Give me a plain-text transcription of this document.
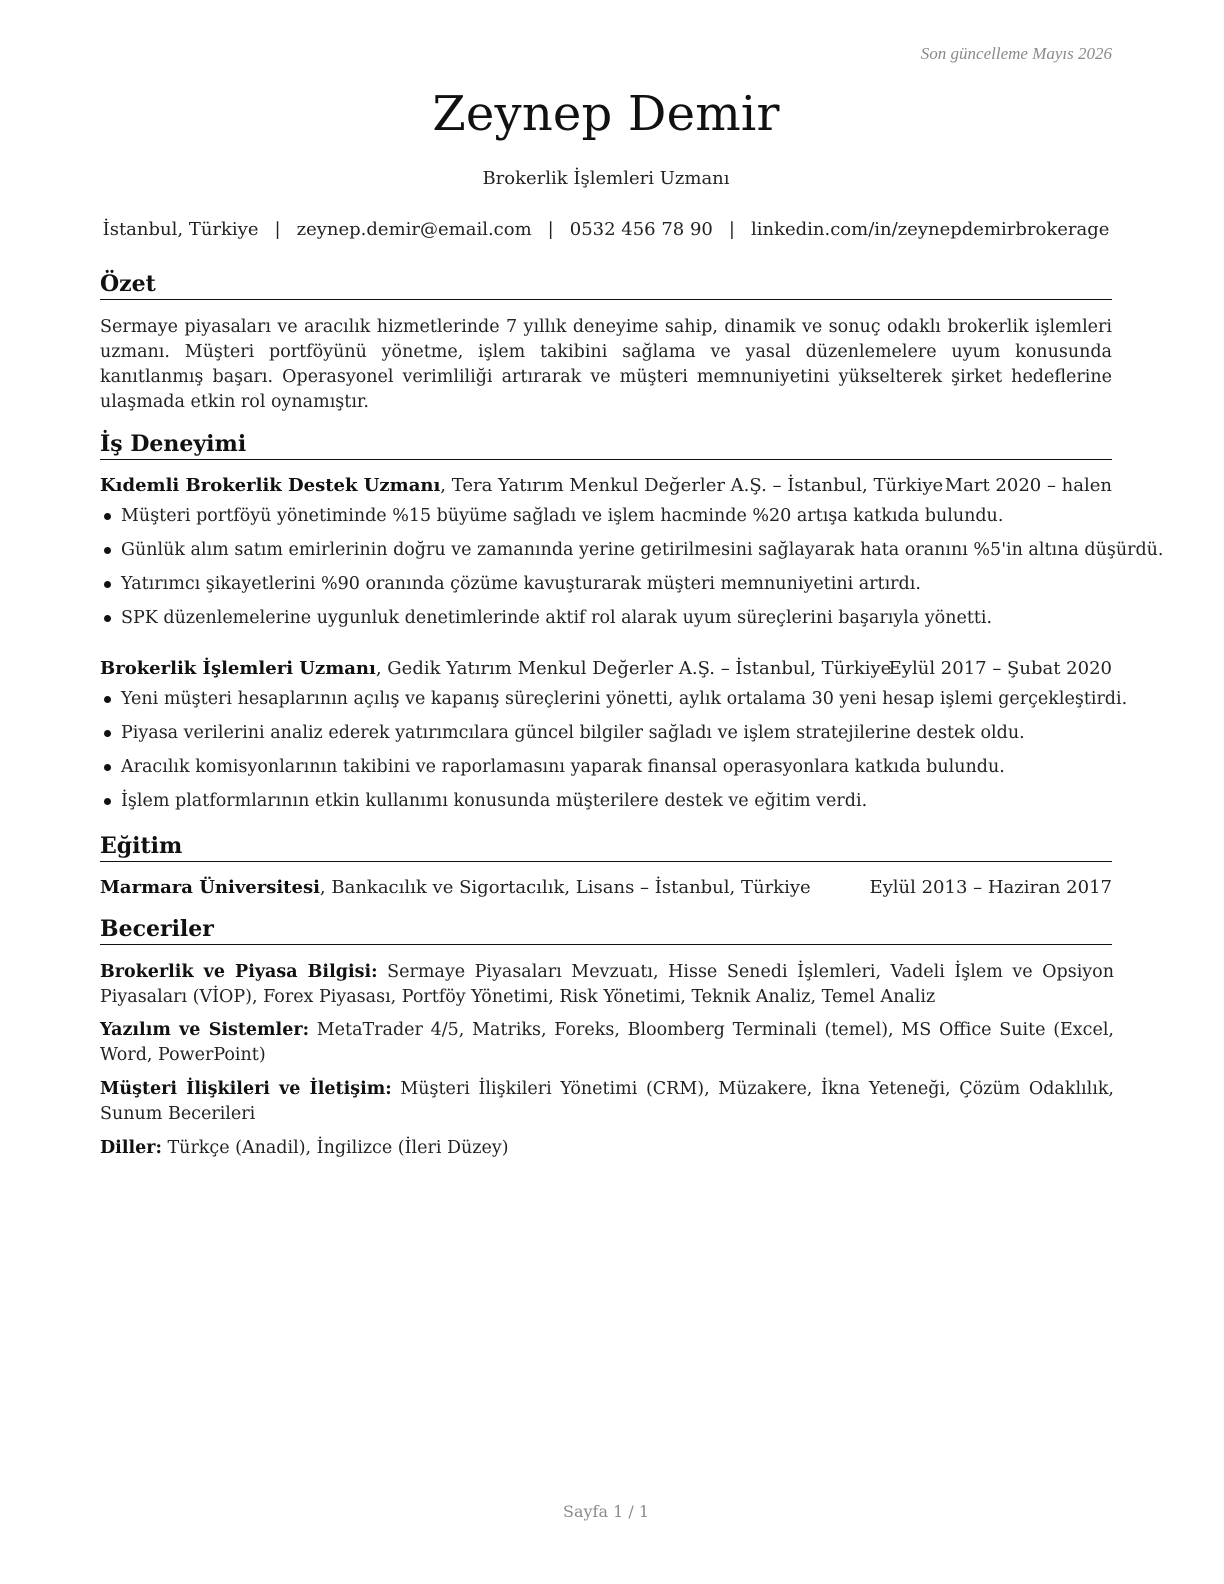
Son güncelleme Mayıs 2026
Zeynep Demir
Brokerlik İşlemleri Uzmanı
İstanbul, Türkiye | zeynep.demir@email.com | 0532 456 78 90 | linkedin.com/in/zeynepdemirbrokerage
Özet
Sermaye piyasaları ve aracılık hizmetlerinde 7 yıllık deneyime sahip, dinamik ve sonuç odaklı brokerlik işlemleri uzmanı. Müşteri portföyünü yönetme, işlem takibini sağlama ve yasal düzenlemelere uyum konusunda kanıtlanmış başarı. Operasyonel verimliliği artırarak ve müşteri memnuniyetini yükselterek şirket hedeflerine ulaşmada etkin rol oynamıştır.
İş Deneyimi
Kıdemli Brokerlik Destek Uzmanı, Tera Yatırım Menkul Değerler A.Ş. – İstanbul, Türkiye Mart 2020 – halen
Müşteri portföyü yönetiminde %15 büyüme sağladı ve işlem hacminde %20 artışa katkıda bulundu.
Günlük alım satım emirlerinin doğru ve zamanında yerine getirilmesini sağlayarak hata oranını %5'in altına düşürdü.
Yatırımcı şikayetlerini %90 oranında çözüme kavuşturarak müşteri memnuniyetini artırdı.
SPK düzenlemelerine uygunluk denetimlerinde aktif rol alarak uyum süreçlerini başarıyla yönetti.
Brokerlik İşlemleri Uzmanı, Gedik Yatırım Menkul Değerler A.Ş. – İstanbul, Türkiye
Eylül 2017 – Şubat 2020
Yeni müşteri hesaplarının açılış ve kapanış süreçlerini yönetti, aylık ortalama 30 yeni hesap işlemi gerçekleştirdi.
Piyasa verilerini analiz ederek yatırımcılara güncel bilgiler sağladı ve işlem stratejilerine destek oldu.
Aracılık komisyonlarının takibini ve raporlamasını yaparak finansal operasyonlara katkıda bulundu.
İşlem platformlarının etkin kullanımı konusunda müşterilere destek ve eğitim verdi.
Eğitim
Marmara Üniversitesi, Bankacılık ve Sigortacılık, Lisans – İstanbul, Türkiye	Eylül 2013 – Haziran 2017
Beceriler
Brokerlik ve Piyasa Bilgisi: Sermaye Piyasaları Mevzuatı, Hisse Senedi İşlemleri, Vadeli İşlem ve Opsiyon Piyasaları (VİOP), Forex Piyasası, Portföy Yönetimi, Risk Yönetimi, Teknik Analiz, Temel Analiz
Yazılım ve Sistemler: MetaTrader 4/5, Matriks, Foreks, Bloomberg Terminali (temel), MS Office Suite (Excel, Word, PowerPoint)
Müşteri İlişkileri ve İletişim: Müşteri İlişkileri Yönetimi (CRM), Müzakere, İkna Yeteneği, Çözüm Odaklılık, Sunum Becerileri
Diller: Türkçe (Anadil), İngilizce (İleri Düzey)
Sayfa 1 / 1
